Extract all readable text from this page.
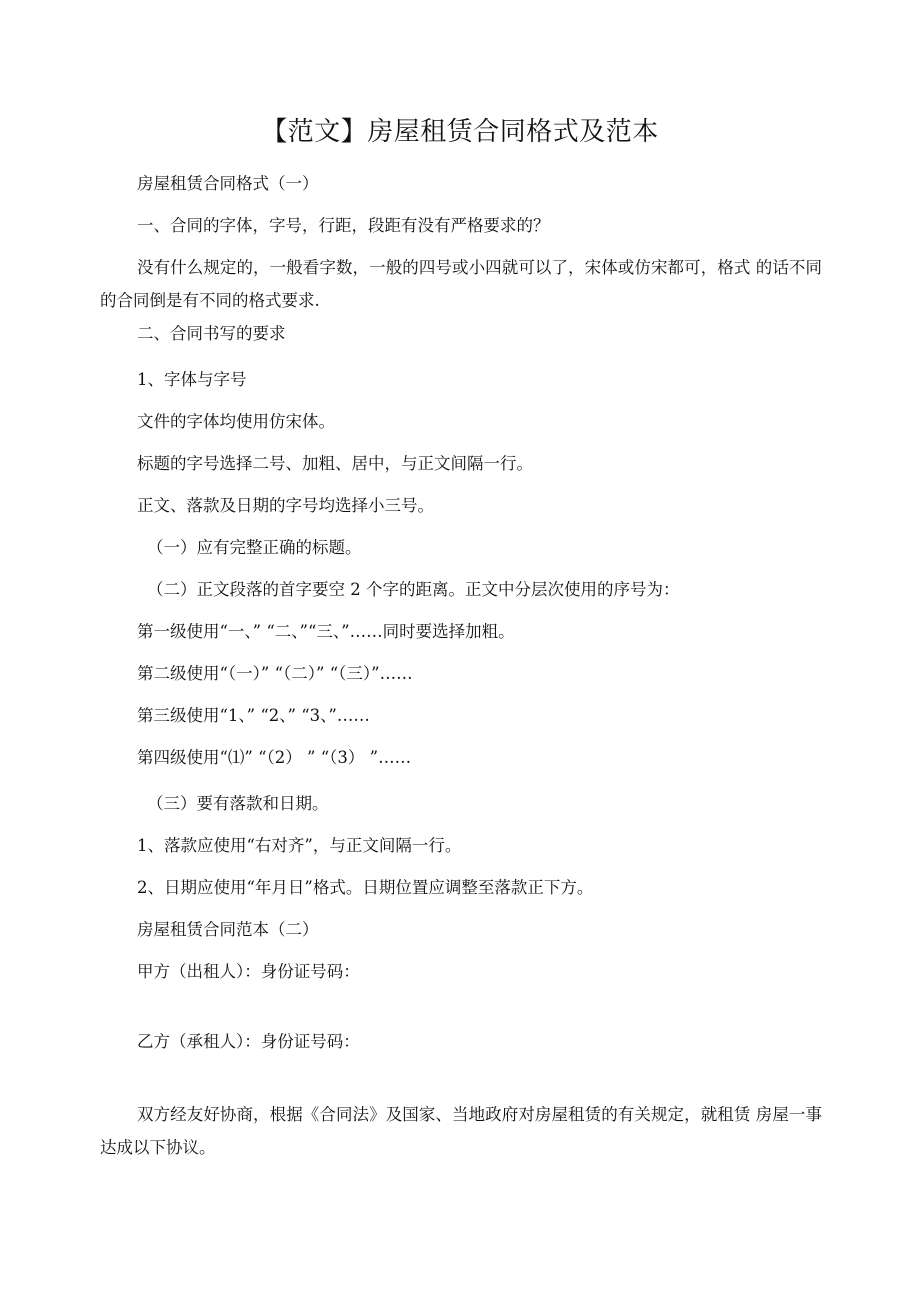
【范文】房屋租赁合同格式及范本
房屋租赁合同格式（一）
一、合同的字体，字号，行距，段距有没有严格要求的？
没有什么规定的，一般看字数，一般的四号或小四就可以了，宋体或仿宋都可，格式 的话不同的合同倒是有不同的格式要求.
二、合同书写的要求
1、字体与字号
文件的字体均使用仿宋体。
标题的字号选择二号、加粗、居中，与正文间隔一行。
正文、落款及日期的字号均选择小三号。
（一）应有完整正确的标题。
（二）正文段落的首字要空 2 个字的距离。正文中分层次使用的序号为：
第一级使用“一、” “二、”“三、”……同时要选择加粗。
第二级使用“（一）” “（二）” “（三）”……
第三级使用“1、” “2、” “3、”……
第四级使用“⑴” “（2） ” “（3） ”……
（三）要有落款和日期。
1、落款应使用“右对齐”，与正文间隔一行。
2、日期应使用“年月日”格式。日期位置应调整至落款正下方。
房屋租赁合同范本（二）
甲方（出租人）：身份证号码：
乙方（承租人）：身份证号码：
双方经友好协商，根据《合同法》及国家、当地政府对房屋租赁的有关规定，就租赁 房屋一事达成以下协议。
